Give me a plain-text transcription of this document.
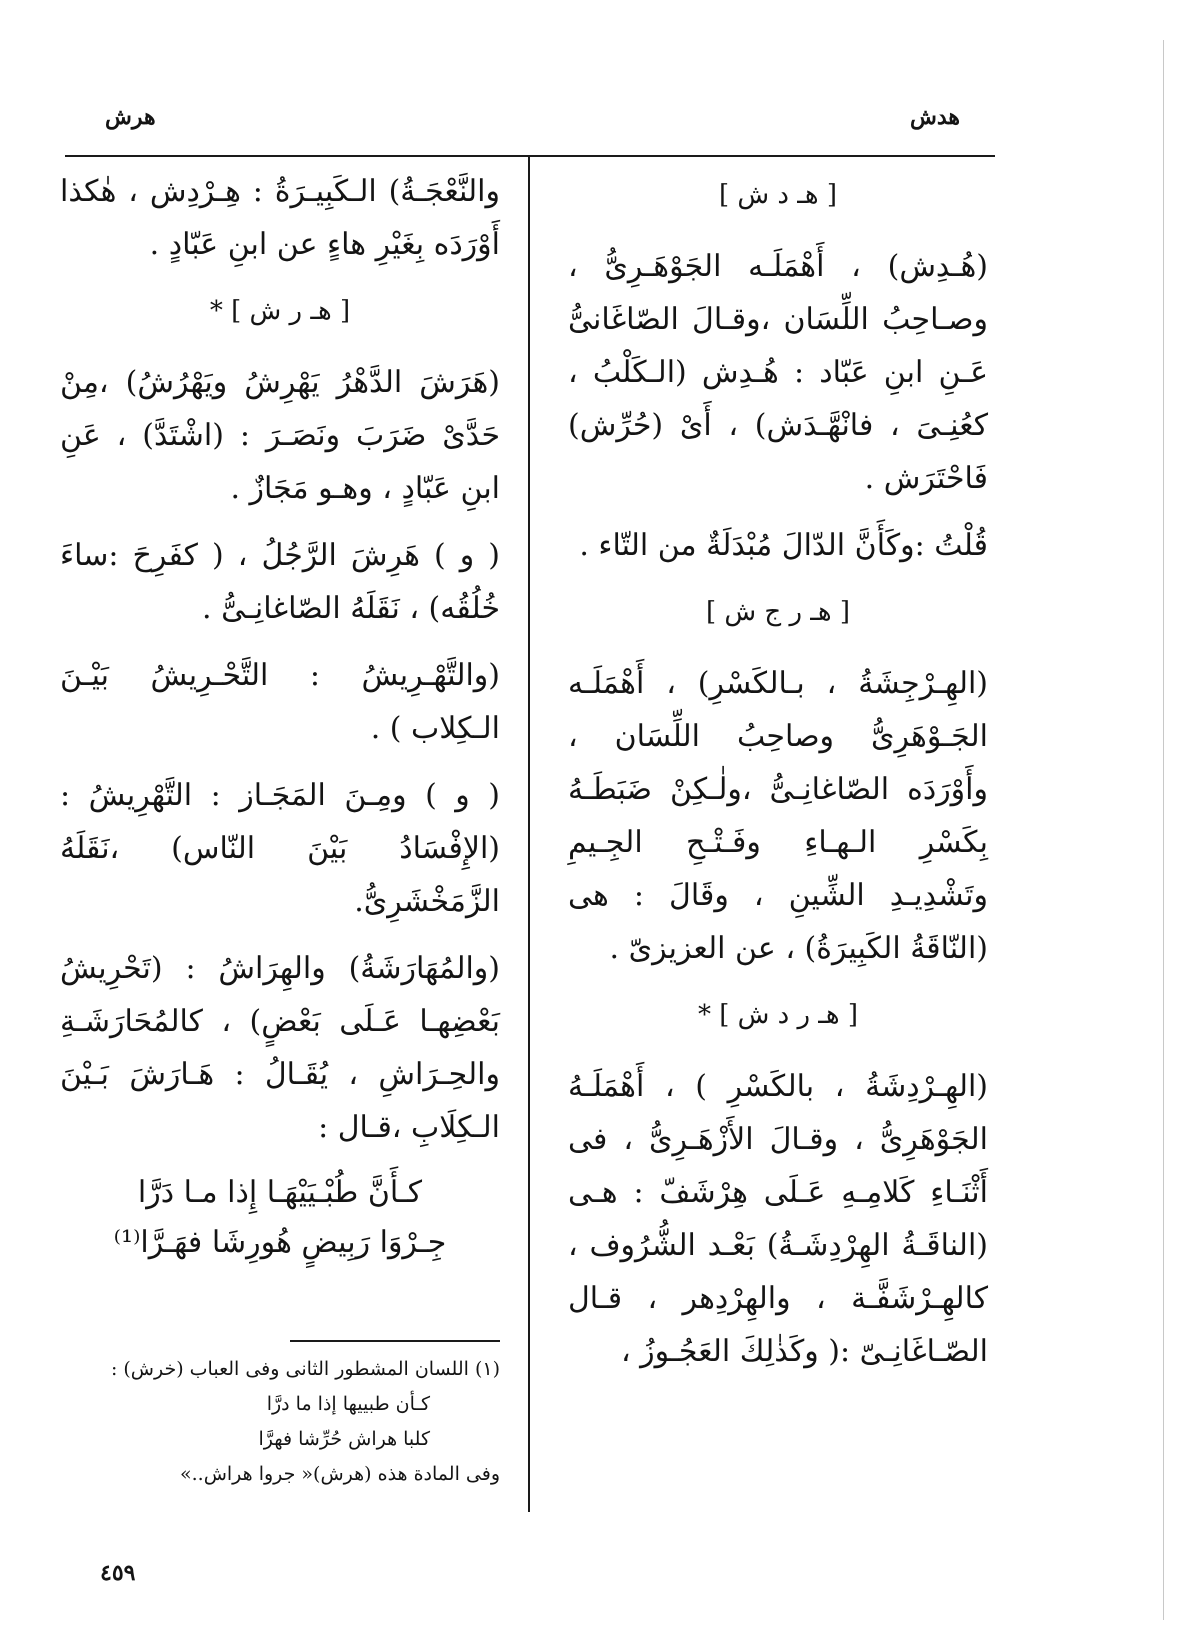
هدش
هرش

[ هـ د ش ]

(هُـدِش) ، أَهْمَلَـه الجَوْهَـرِىُّ ، وصـاحِبُ اللِّسَان ،وقـالَ الصّاغَانىُّ عَـنِ ابنِ عَبّاد : هُـدِش (الـكَلْبُ ، كعُنِـىَ ، فانْهَّـدَش) ، أَىْ (حُرِّش) فَاحْتَرَش .

قُلْتُ :وكَأَنَّ الدّالَ مُبْدَلَةٌ من التّاء .

[ هـ ر ج ش ]

(الهِـرْجِشَةُ ، بـالكَسْرِ) ، أَهْمَلَـه الجَـوْهَرِىُّ وصاحِبُ اللِّسَان ، وأَوْرَدَه الصّاغانِـىُّ ،ولٰـكِنْ ضَبَطَـهُ بِكَسْرِ الـهـاءِ وفَـتْـحِ الجِـيمِ وتَشْدِيـدِ الشِّينِ ، وقَالَ : هى (النّاقَةُ الكَبِيرَةُ) ، عن العزيزىّ .

[ هـ ر د ش ] *

(الهِـرْدِشَةُ ، بالكَسْرِ ) ، أَهْمَلَـهُ الجَوْهَرِىُّ ، وقـالَ الأَزْهَـرِىُّ ، فى أَثْنَـاءِ كَلامِـهِ عَـلَى هِرْشَفّ : هـى (الناقَـةُ الهِرْدِشَـةُ) بَعْـد الشُّرُوف ، كالهِـرْشَفَّـة ، والهِرْدِهر ، قـال الصّـاغَانِـىّ :( وكَذٰلِكَ العَجُـوزُ ،

والنَّعْجَـةُ) الـكَبِيـرَةُ : هِـرْدِش ، هٰكذا أَوْرَدَه بِغَيْرِ هاءٍ عن ابنِ عَبّادٍ .

[ هـ ر ش ] *

(هَرَشَ الدَّهْرُ يَهْرِشُ ويَهْرُشُ) ،مِنْ حَدَّىْ ضَرَبَ ونَصَـرَ : (اشْتَدَّ) ، عَنِ ابنِ عَبّادٍ ، وهـو مَجَازٌ .

( و ) هَرِشَ الرَّجُلُ ، ( كفَرِحَ :ساءَ خُلُقُه) ، نَقَلَهُ الصّاغانِـىُّ .

(والتَّهْـرِيشُ : التَّحْـرِيشُ بَيْـنَ الـكِلاب ) .

( و ) ومِـنَ المَجَـاز : التَّهْرِيشُ : (الإِفْسَادُ بَيْنَ النّاس) ،نَقَلَهُ الزَّمَخْشَرِىُّ.

(والمُهَارَشَةُ) والهِرَاشُ : (تَحْرِيشُ بَعْضِهـا عَـلَى بَعْضٍ) ، كالمُحَارَشَـةِ والحِـرَاشِ ، يُقَـالُ : هَـارَشَ بَـيْنَ الـكِلَابِ ،قـال :

كـأَنَّ طُبْـيَيْهَـا إِذا مـا دَرَّا

جِـرْوَا رَبِيضٍ هُورِشَا فهَـرَّا⁽¹⁾

(١) اللسان المشطور الثانى وفى العباب (خرش) :
كـأن طبييها إذا ما درَّا
كلبا هراش حُرِّشا فهرَّا
وفى المادة هذه (هرش)« جروا هراش..»
٤٥٩
